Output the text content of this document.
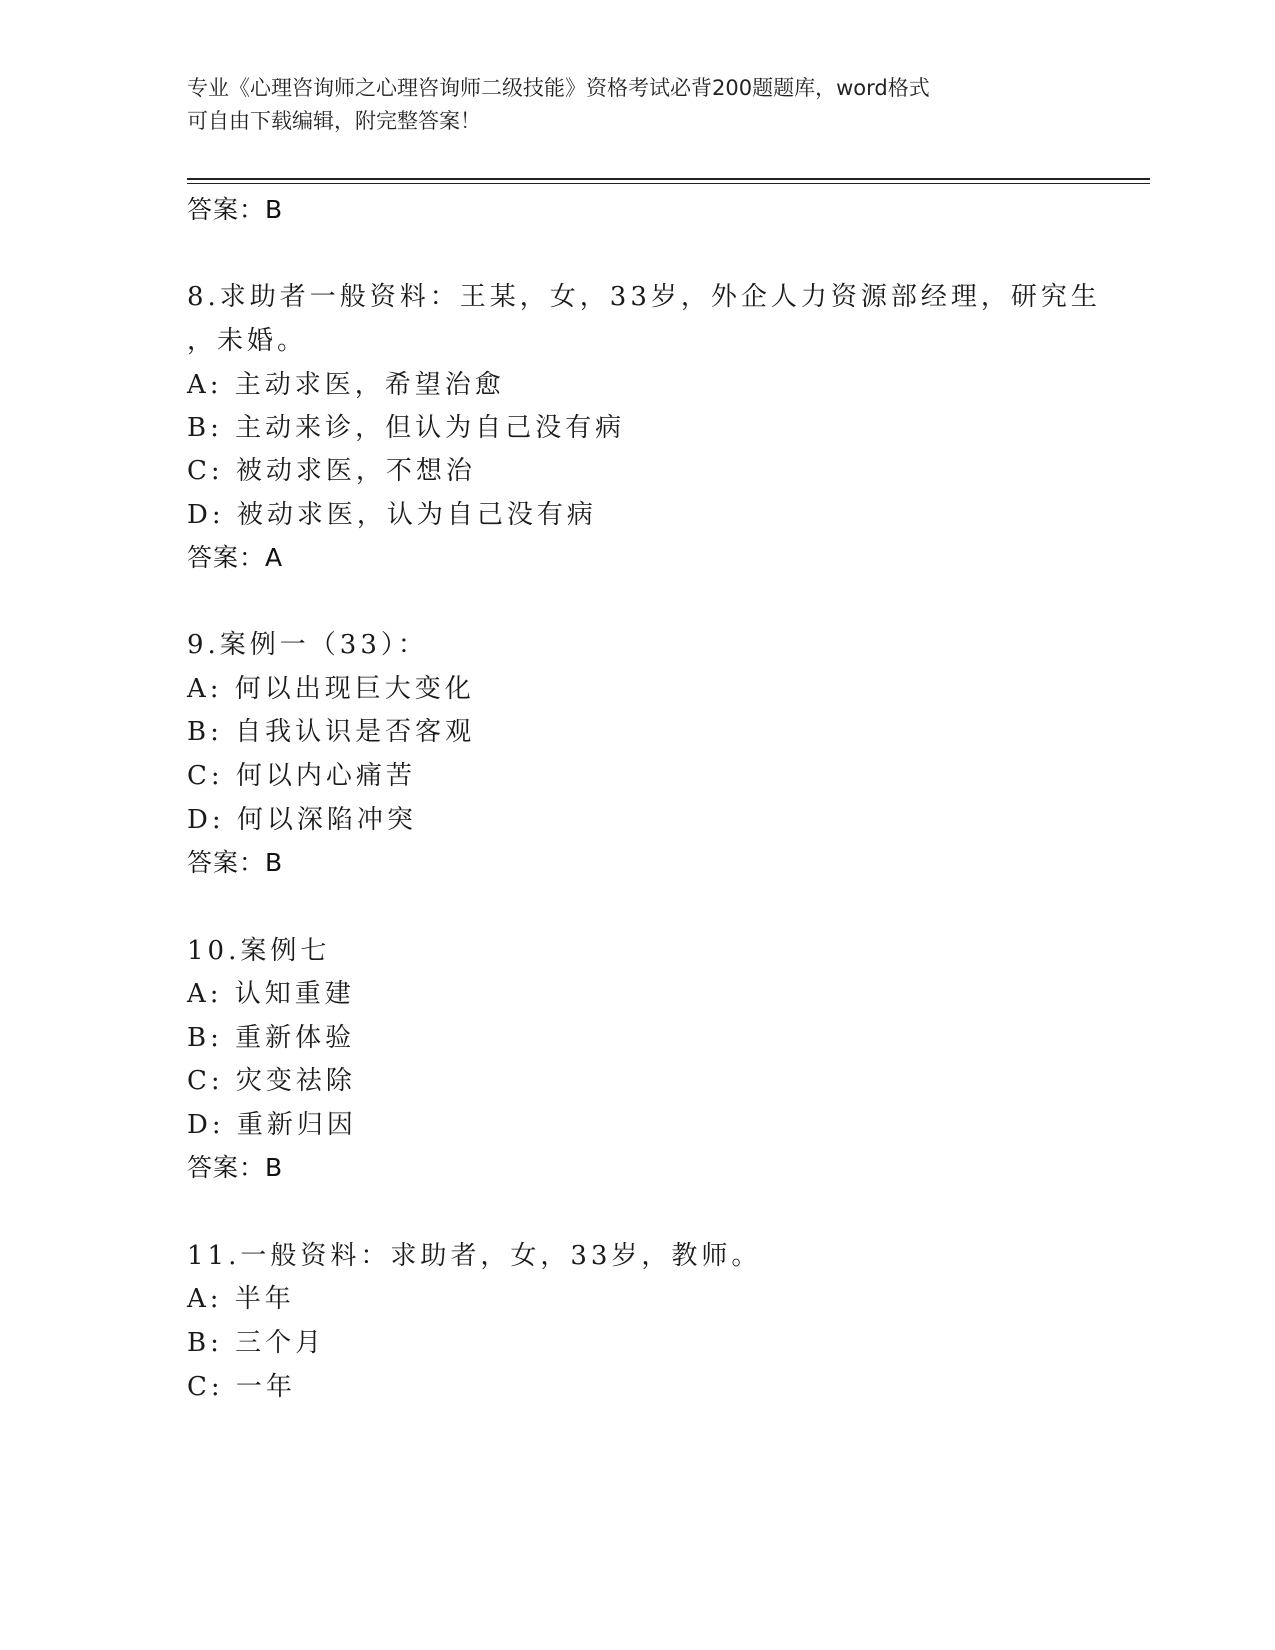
专业《心理咨询师之心理咨询师二级技能》资格考试必背200题题库，word格式
可自由下载编辑，附完整答案！
答案：B
8.求助者一般资料：王某，女，33岁，外企人力资源部经理，研究生
，未婚。
A: 主动求医，希望治愈
B: 主动来诊，但认为自己没有病
C: 被动求医，不想治
D: 被动求医，认为自己没有病
答案：A
9.案例一（33）：
A: 何以出现巨大变化
B: 自我认识是否客观
C: 何以内心痛苦
D: 何以深陷冲突
答案：B
10.案例七
A: 认知重建
B: 重新体验
C: 灾变祛除
D: 重新归因
答案：B
11.一般资料：求助者，女，33岁，教师。
A: 半年
B: 三个月
C: 一年
